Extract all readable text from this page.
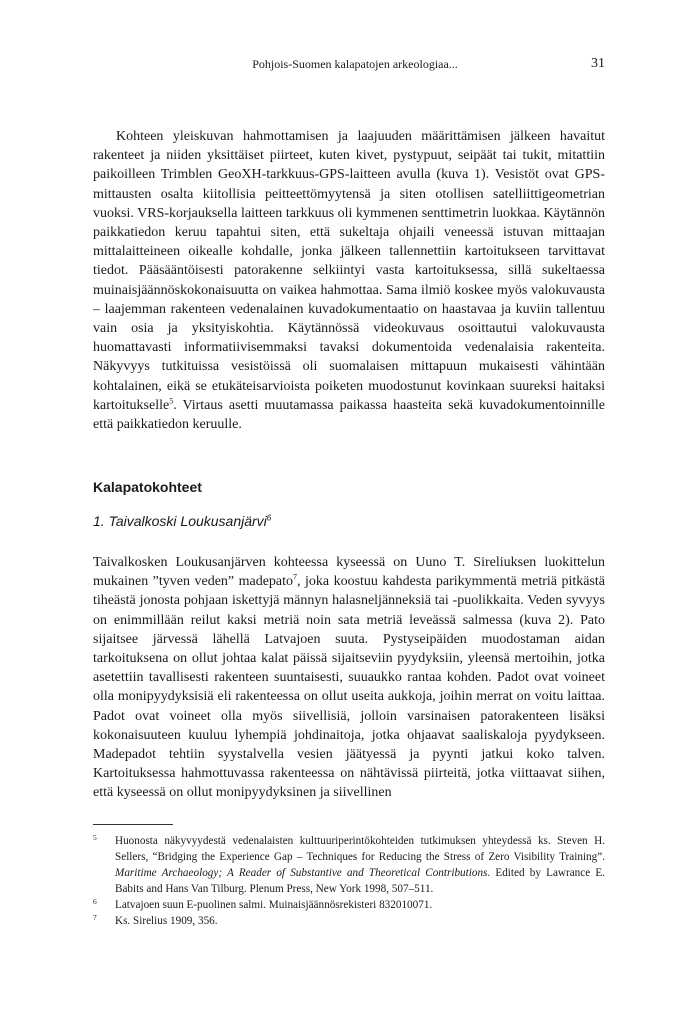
Pohjois-Suomen kalapatojen arkeologiaa...	31

Kohteen yleiskuvan hahmottamisen ja laajuuden määrittämisen jälkeen havaitut rakenteet ja niiden yksittäiset piirteet, kuten kivet, pystypuut, seipäät tai tukit, mitattiin paikoilleen Trimblen GeoXH-tarkkuus-GPS-laitteen avulla (kuva 1). Vesistöt ovat GPS-mittausten osalta kiitollisia peitteettömyytensä ja siten otollisen satelliittigeometrian vuoksi. VRS-korjauksella laitteen tarkkuus oli kymmenen senttimetrin luokkaa. Käytännön paikkatiedon keruu tapahtui siten, että sukeltaja ohjaili veneessä istuvan mittaajan mittalaitteineen oikealle kohdalle, jonka jälkeen tallennettiin kartoitukseen tarvittavat tiedot. Pääsääntöisesti patorakenne selkiintyi vasta kartoituksessa, sillä sukeltaessa muinaisjäännöskokonaisuutta on vaikea hahmottaa. Sama ilmiö koskee myös valokuvausta – laajemman rakenteen vedenalainen kuvadokumentaatio on haastavaa ja kuviin tallentuu vain osia ja yksityiskohtia. Käytännössä videokuvaus osoittautui valokuvausta huomattavasti informatiivisemmaksi tavaksi dokumentoida vedenalaisia rakenteita. Näkyvyys tutkituissa vesistöissä oli suomalaisen mittapuun mukaisesti vähintään kohtalainen, eikä se etukäteisarvioista poiketen muodostunut kovinkaan suureksi haitaksi kartoitukselle$^5$. Virtaus asetti muutamassa paikassa haasteita sekä kuvadokumentoinnille että paikkatiedon keruulle.

Kalapatokohteet
1. Taivalkoski Loukusanjärvi$^6$

Taivalkosken Loukusanjärven kohteessa kyseessä on Uuno T. Sireliuksen luokittelun mukainen ”tyven veden” madepato$^7$, joka koostuu kahdesta parikymmentä metriä pitkästä tiheästä jonosta pohjaan iskettyjä männyn halasneljänneksiä tai -puolikkaita. Veden syvyys on enimmillään reilut kaksi metriä noin sata metriä leveässä salmessa (kuva 2). Pato sijaitsee järvessä lähellä Latvajoen suuta. Pystyseipäiden muodostaman aidan tarkoituksena on ollut johtaa kalat päissä sijaitseviin pyydyksiin, yleensä mertoihin, jotka asetettiin tavallisesti rakenteen suuntaisesti, suuaukko rantaa kohden. Padot ovat voineet olla monipyydyksisiä eli rakenteessa on ollut useita aukkoja, joihin merrat on voitu laittaa. Padot ovat voineet olla myös siivellisiä, jolloin varsinaisen patorakenteen lisäksi kokonaisuuteen kuuluu lyhempiä johdinaitoja, jotka ohjaavat saaliskaloja pyydykseen. Madepadot tehtiin syystalvella vesien jäätyessä ja pyynti jatkui koko talven. Kartoituksessa hahmottuvassa rakenteessa on nähtävissä piirteitä, jotka viittaavat siihen, että kyseessä on ollut monipyydyksinen ja siivellinen

5 Huonosta näkyvyydestä vedenalaisten kulttuuriperintökohteiden tutkimuksen yhteydessä ks. Steven H. Sellers, “Bridging the Experience Gap – Techniques for Reducing the Stress of Zero Visibility Training”. Maritime Archaeology; A Reader of Substantive and Theoretical Contributions. Edited by Lawrance E. Babits and Hans Van Tilburg. Plenum Press, New York 1998, 507–511.
6 Latvajoen suun E-puolinen salmi. Muinaisjäännösrekisteri 832010071.
7 Ks. Sirelius 1909, 356.
